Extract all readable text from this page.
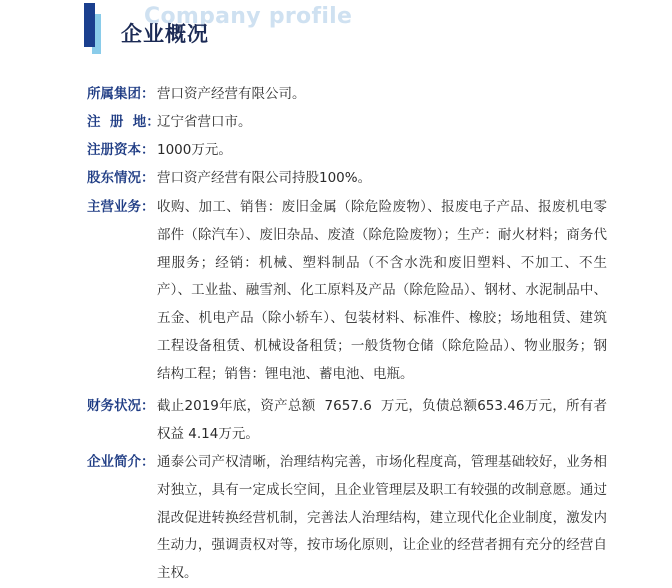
Company profile
企业概况
所属集团： 营口资产经营有限公司。
注  册  地：
辽宁省营口市。
注册资本： 1000万元。
股东情况： 营口资产经营有限公司持股100%。
主营业务： 收购、加工、销售：废旧金属（除危险废物）、报废电子产品、报废机电零部件（除汽车）、废旧杂品、废渣（除危险废物）；生产：耐火材料；商务代理服务；经销：机械、塑料制品（不含水洗和废旧塑料、不加工、不生产）、工业盐、融雪剂、化工原料及产品（除危险品）、钢材、水泥制品中、五金、机电产品（除小轿车）、包装材料、标准件、橡胶；场地租赁、建筑工程设备租赁、机械设备租赁；一般货物仓储（除危险品）、物业服务；钢结构工程；销售：锂电池、蓄电池、电瓶。
财务状况： 截止2019年底，资产总额  7657.6  万元，负债总额653.46万元，所有者权益 4.14万元。
企业简介： 通泰公司产权清晰，治理结构完善，市场化程度高，管理基础较好，业务相对独立，具有一定成长空间，且企业管理层及职工有较强的改制意愿。通过混改促进转换经营机制，完善法人治理结构，建立现代化企业制度，激发内生动力，强调责权对等，按市场化原则，让企业的经营者拥有充分的经营自主权。
